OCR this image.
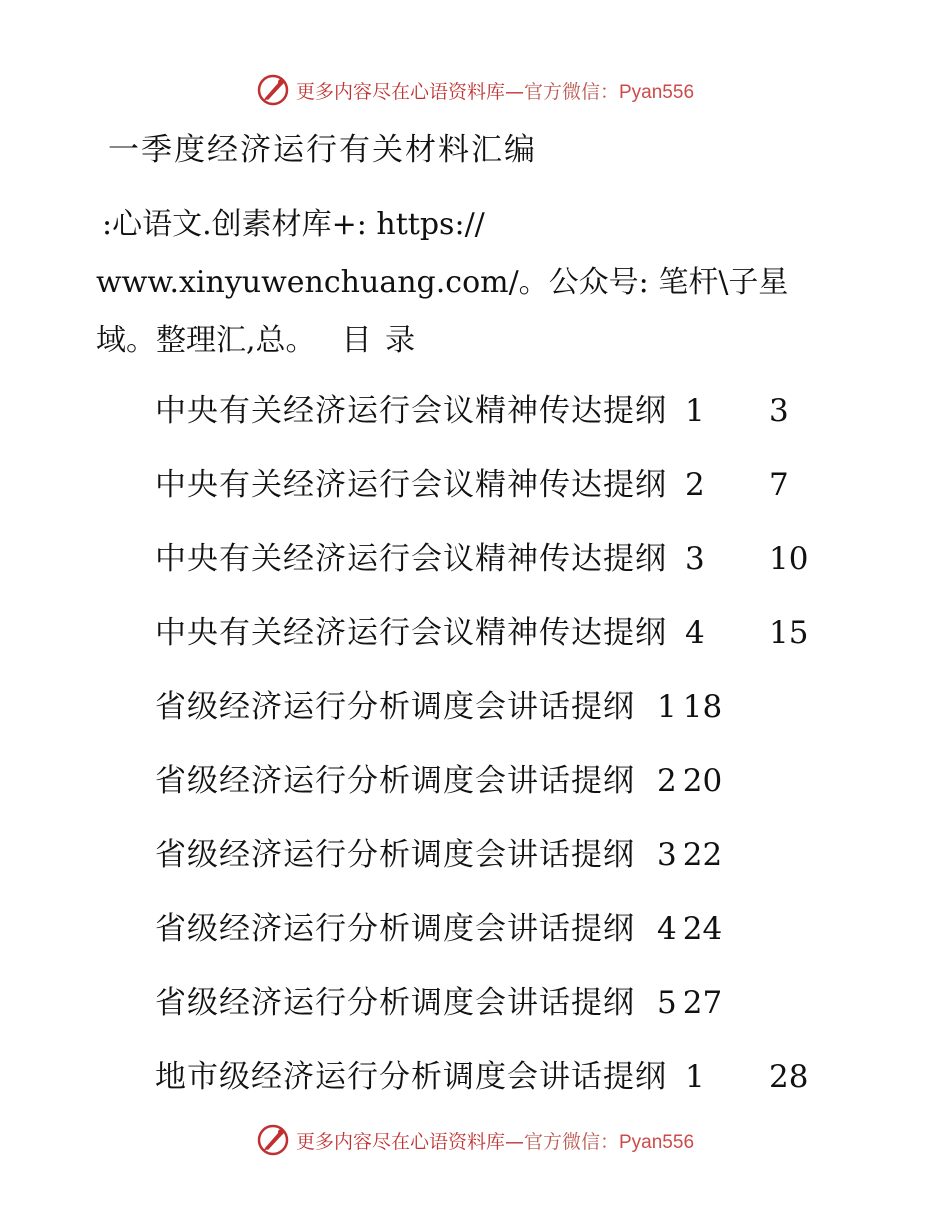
更多内容尽在心语资料库—官方微信：Pyan556
一季度经济运行有关材料汇编
:心语文.创素材库+: https://
www.xinyuwenchuang.com/。公众号: 笔杆\子星
域。整理汇,总。 目 录
中央有关经济运行会议精神传达提纲 1 3
中央有关经济运行会议精神传达提纲 2 7
中央有关经济运行会议精神传达提纲 3 10
中央有关经济运行会议精神传达提纲 4 15
省级经济运行分析调度会讲话提纲 1 18
省级经济运行分析调度会讲话提纲 2 20
省级经济运行分析调度会讲话提纲 3 22
省级经济运行分析调度会讲话提纲 4 24
省级经济运行分析调度会讲话提纲 5 27
地市级经济运行分析调度会讲话提纲 1 28
更多内容尽在心语资料库—官方微信：Pyan556
